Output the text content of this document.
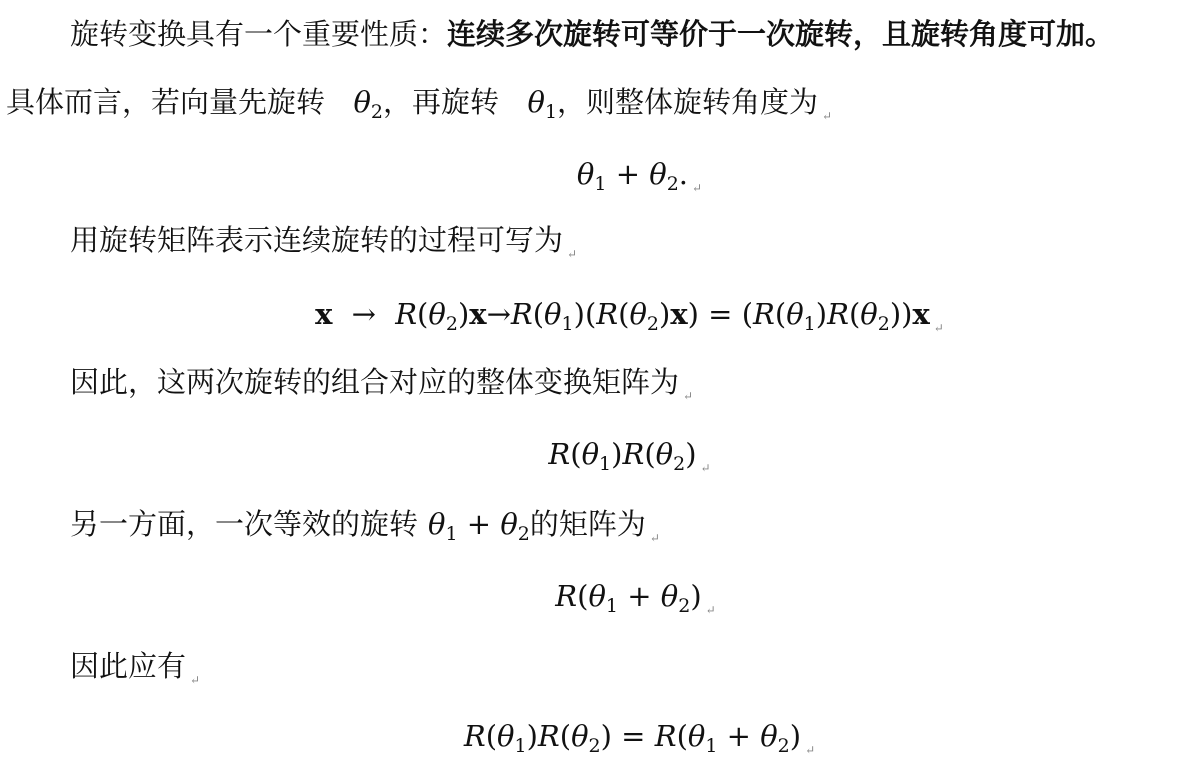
旋转变换具有一个重要性质：连续多次旋转可等价于一次旋转，且旋转角度可加。
具体而言，若向量先旋转 $\theta_2$，再旋转 $\theta_1$，则整体旋转角度为 ↵
$\theta_1 + \theta_2$. ↵
用旋转矩阵表示连续旋转的过程可写为 ↵
$x \to R(\theta_2)x\to R(\theta_1)(R(\theta_2)x) = (R(\theta_1)R(\theta_2))x$ ↵
因此，这两次旋转的组合对应的整体变换矩阵为 ↵
$R(\theta_1)R(\theta_2)$ ↵
另一方面，一次等效的旋转 $\theta_1 + \theta_2$的矩阵为 ↵
$R(\theta_1 + \theta_2)$ ↵
因此应有 ↵
$R(\theta_1)R(\theta_2) = R(\theta_1 + \theta_2)$ ↵
